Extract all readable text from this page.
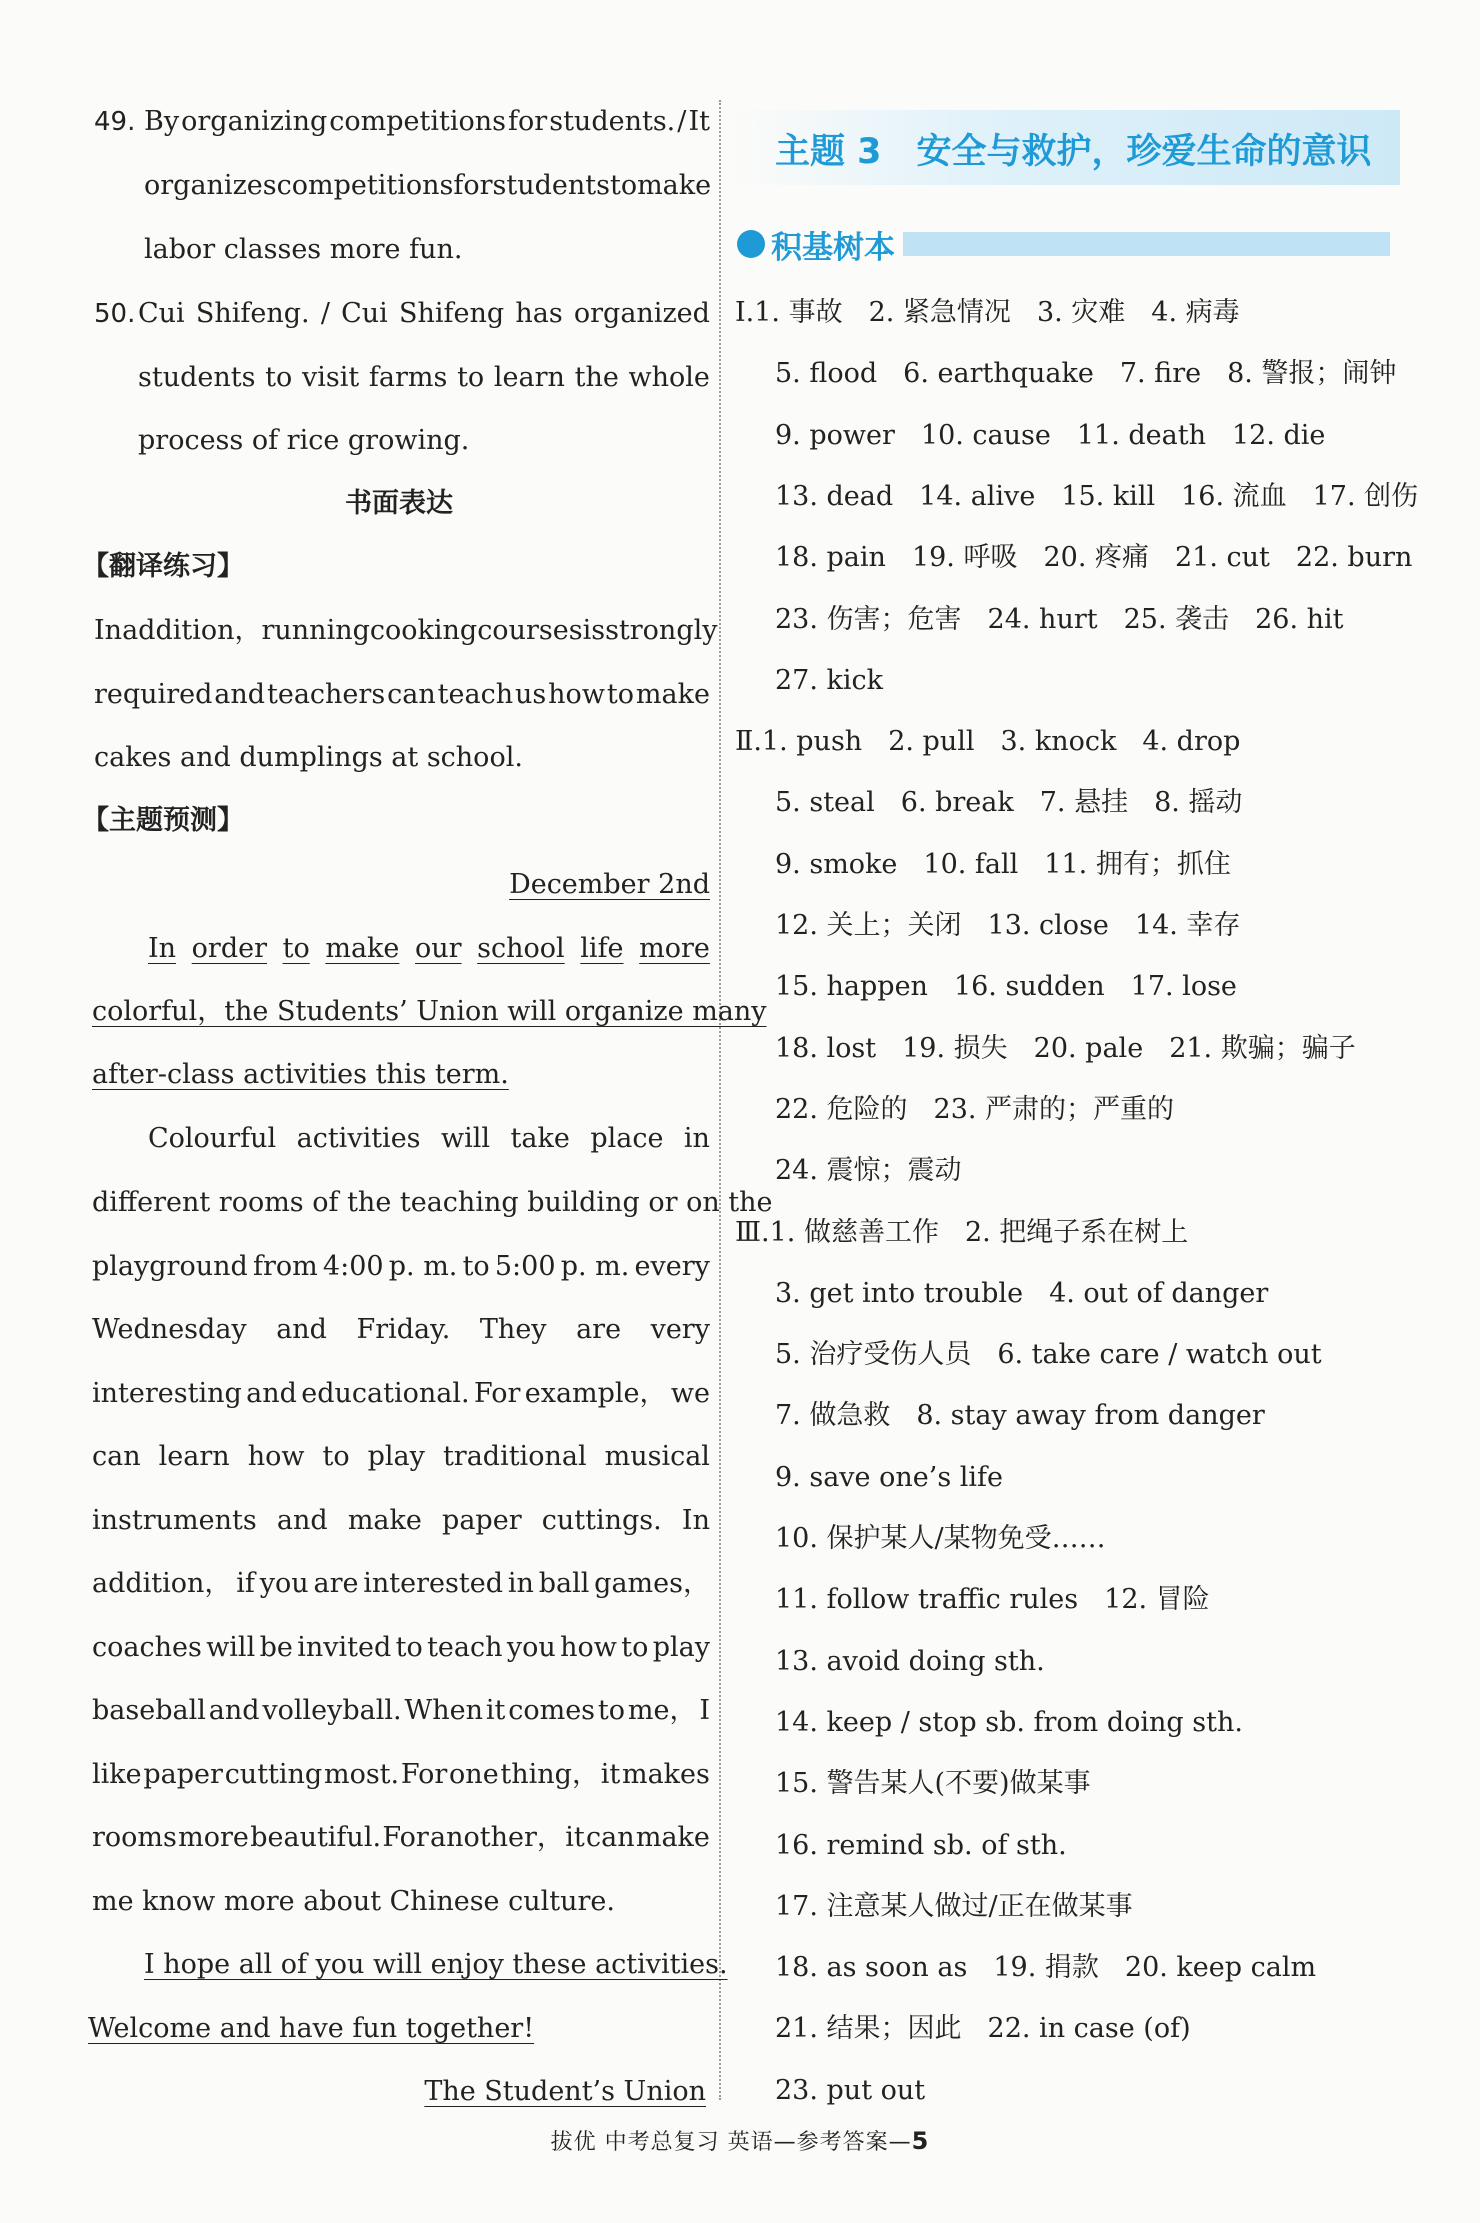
49. By organizing competitions for students. / It
organizes competitions for students to make
labor classes more fun.
50. Cui Shifeng. / Cui Shifeng has organized
students to visit farms to learn the whole
process of rice growing.
书面表达
【翻译练习】
In addition，running cooking courses is strongly
required and teachers can teach us how to make
cakes and dumplings at school.
【主题预测】
December 2nd
In order to make our school life more
colorful，the Students’ Union will organize many
after-class activities this term.
Colourful activities will take place in
different rooms of the teaching building or on the
playground from 4:00 p. m. to 5:00 p. m. every
Wednesday and Friday. They are very
interesting and educational. For example， we
can learn how to play traditional musical
instruments and make paper cuttings. In
addition， if you are interested in ball games，
coaches will be invited to teach you how to play
baseball and volleyball. When it comes to me， I
like paper cutting most. For one thing， it makes
rooms more beautiful. For another， it can make
me know more about Chinese culture.
I hope all of you will enjoy these activities.
Welcome and have fun together!
The Student’s Union
主题 3　安全与救护，珍爱生命的意识
积基树本
Ⅰ.1. 事故 2. 紧急情况 3. 灾难 4. 病毒
5. flood 6. earthquake 7. fire 8. 警报；闹钟
9. power 10. cause 11. death 12. die
13. dead 14. alive 15. kill 16. 流血 17. 创伤
18. pain 19. 呼吸 20. 疼痛 21. cut 22. burn
23. 伤害；危害 24. hurt 25. 袭击 26. hit
27. kick
Ⅱ.1. push 2. pull 3. knock 4. drop
5. steal 6. break 7. 悬挂 8. 摇动
9. smoke 10. fall 11. 拥有；抓住
12. 关上；关闭 13. close 14. 幸存
15. happen 16. sudden 17. lose
18. lost 19. 损失 20. pale 21. 欺骗；骗子
22. 危险的 23. 严肃的；严重的
24. 震惊；震动
Ⅲ.1. 做慈善工作 2. 把绳子系在树上
3. get into trouble 4. out of danger
5. 治疗受伤人员 6. take care / watch out
7. 做急救 8. stay away from danger
9. save one’s life
10. 保护某人/某物免受……
11. follow traffic rules 12. 冒险
13. avoid doing sth.
14. keep / stop sb. from doing sth.
15. 警告某人(不要)做某事
16. remind sb. of sth.
17. 注意某人做过/正在做某事
18. as soon as 19. 捐款 20. keep calm
21. 结果；因此 22. in case (of)
23. put out
拔优 中考总复习 英语—参考答案—5
